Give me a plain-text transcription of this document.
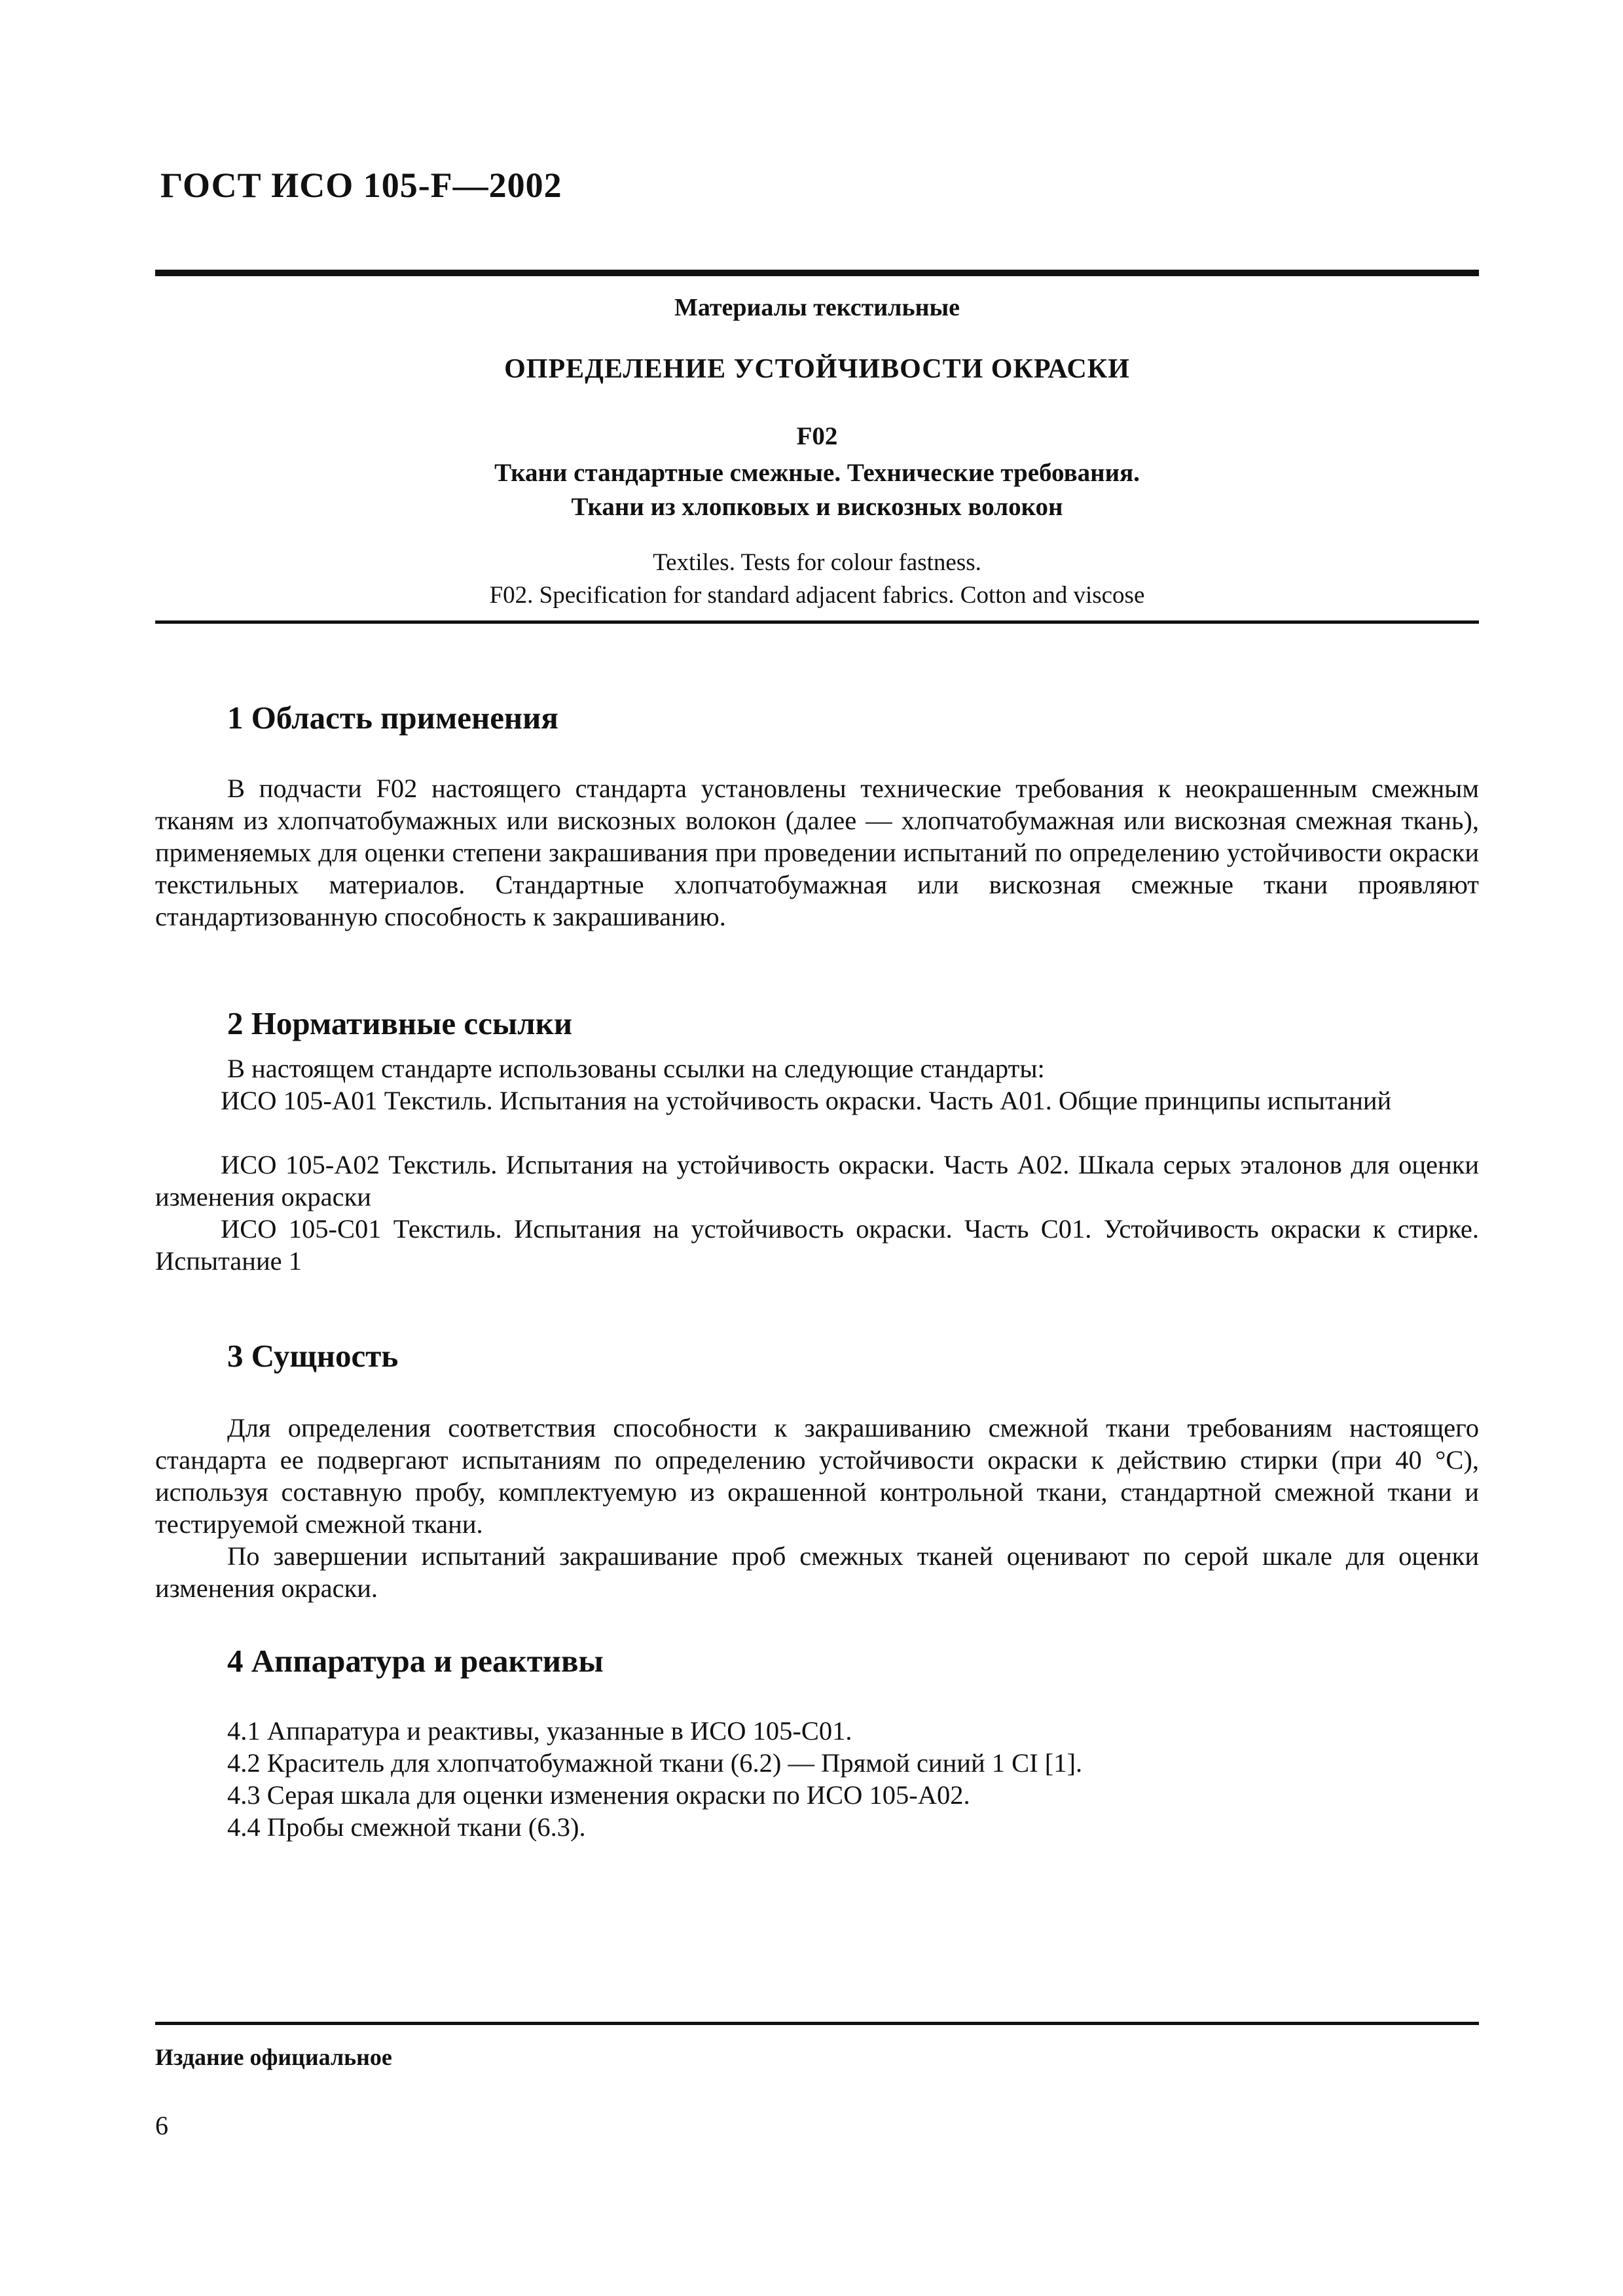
ГОСТ ИСО 105-F—2002
Материалы текстильные
ОПРЕДЕЛЕНИЕ УСТОЙЧИВОСТИ ОКРАСКИ
F02
Ткани стандартные смежные. Технические требования.
Ткани из хлопковых и вискозных волокон
Textiles. Tests for colour fastness.
F02. Specification for standard adjacent fabrics. Cotton and viscose
1 Область применения
В подчасти F02 настоящего стандарта установлены технические требования к неокрашенным смежным тканям из хлопчатобумажных или вискозных волокон (далее — хлопчатобумажная или вискозная смежная ткань), применяемых для оценки степени закрашивания при проведении испытаний по определению устойчивости окраски текстильных материалов. Стандартные хлопчатобумажная или вискозная смежные ткани проявляют стандартизованную способность к закрашиванию.
2 Нормативные ссылки
В настоящем стандарте использованы ссылки на следующие стандарты:
ИСО 105-А01 Текстиль. Испытания на устойчивость окраски. Часть А01. Общие принципы испытаний
ИСО 105-А02 Текстиль. Испытания на устойчивость окраски. Часть А02. Шкала серых эталонов для оценки изменения окраски
ИСО 105-С01 Текстиль. Испытания на устойчивость окраски. Часть С01. Устойчивость окраски к стирке. Испытание 1
3 Сущность
Для определения соответствия способности к закрашиванию смежной ткани требованиям настоящего стандарта ее подвергают испытаниям по определению устойчивости окраски к действию стирки (при 40 °С), используя составную пробу, комплектуемую из окрашенной контрольной ткани, стандартной смежной ткани и тестируемой смежной ткани.
По завершении испытаний закрашивание проб смежных тканей оценивают по серой шкале для оценки изменения окраски.
4 Аппаратура и реактивы
4.1 Аппаратура и реактивы, указанные в ИСО 105-С01.
4.2 Краситель для хлопчатобумажной ткани (6.2) — Прямой синий 1 CI [1].
4.3 Серая шкала для оценки изменения окраски по ИСО 105-А02.
4.4 Пробы смежной ткани (6.3).
Издание официальное
6
